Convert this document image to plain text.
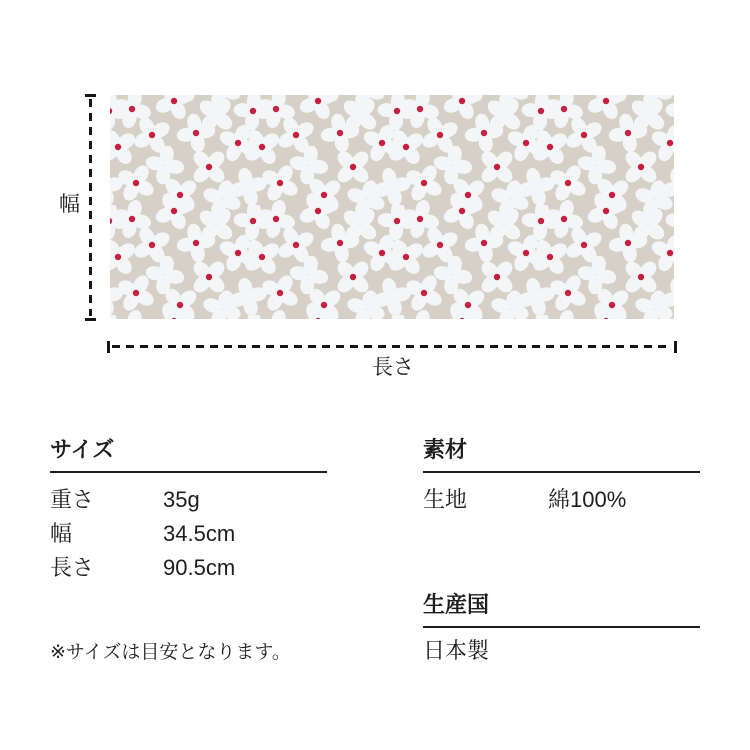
幅
長さ
サイズ
重さ	35g
幅	34.5cm
長さ	90.5cm

※サイズは目安となります。

素材
生地	綿100%
生産国

日本製
